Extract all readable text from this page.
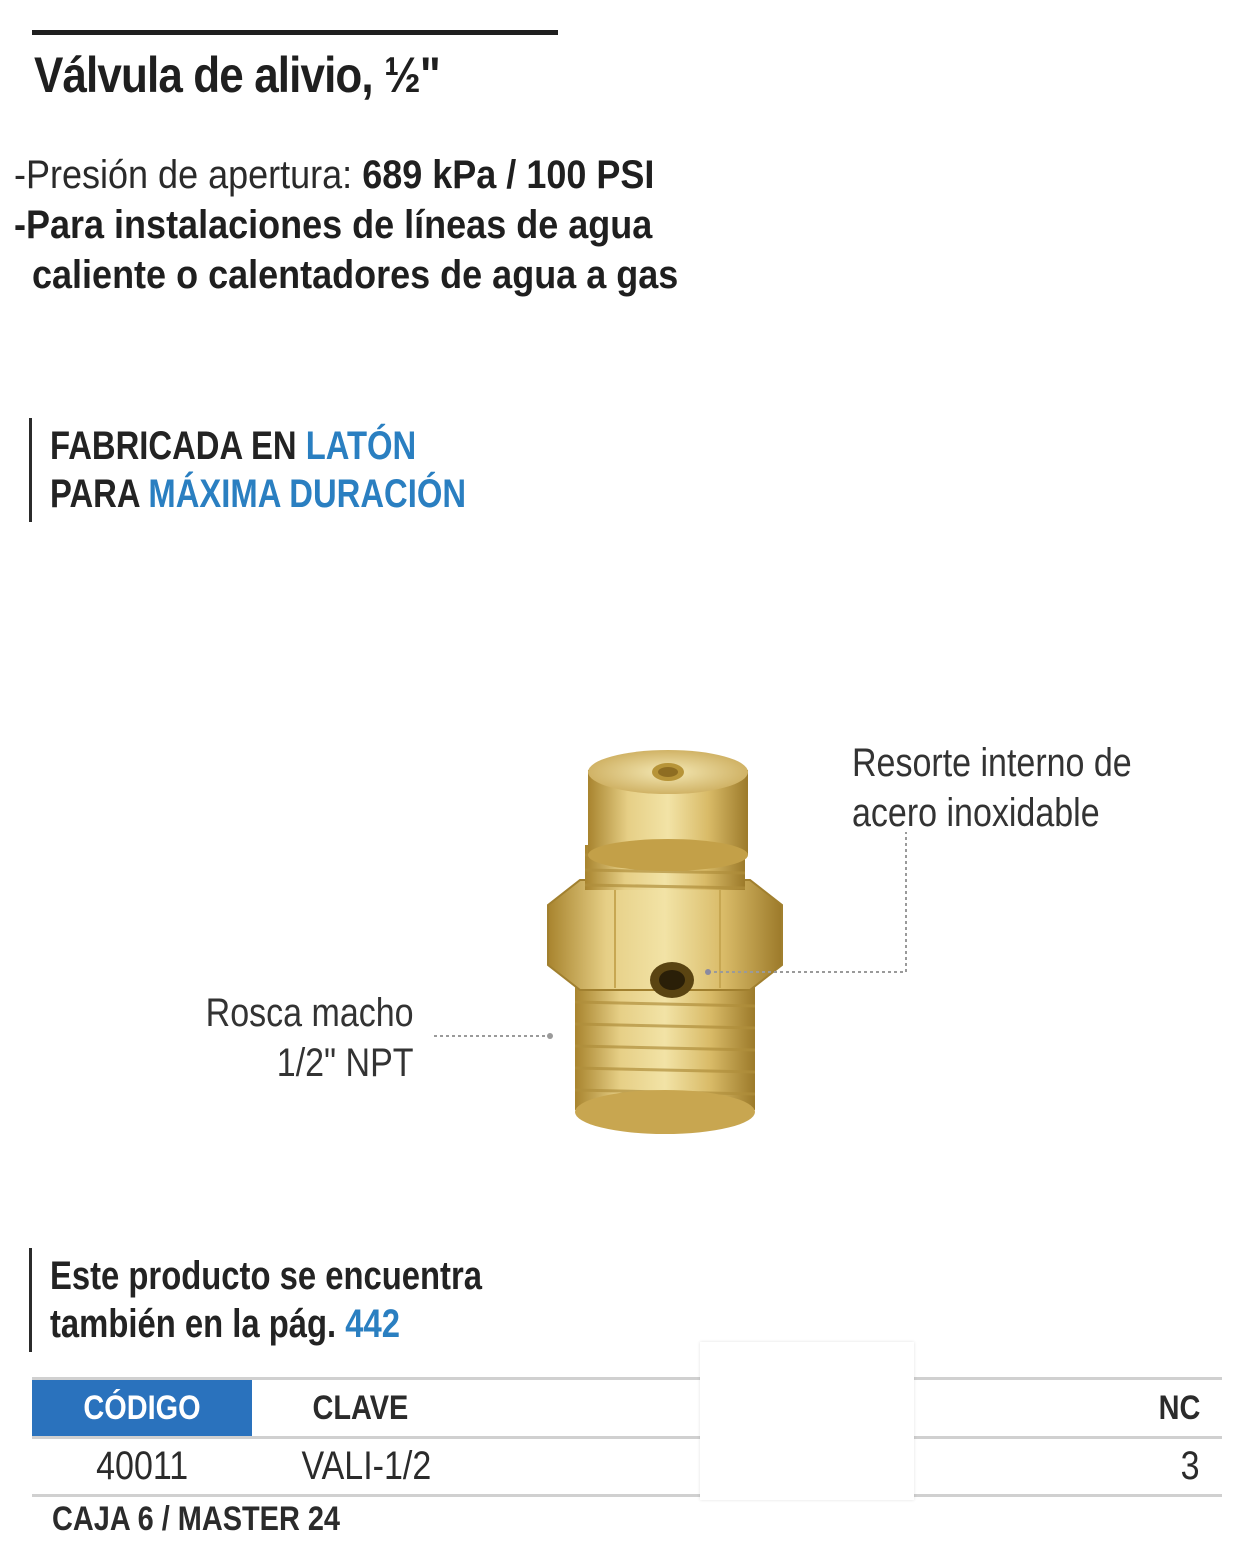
Válvula de alivio, ½"
-Presión de apertura: 689 kPa / 100 PSI
-Para instalaciones de líneas de agua
caliente o calentadores de agua a gas
FABRICADA EN LATÓN
PARA MÁXIMA DURACIÓN
Resorte interno de
acero inoxidable
Rosca macho
1/2" NPT
Este producto se encuentra
también en la pág. 442
CÓDIGO	CLAVE	NC
40011	VALI-1/2	3
CAJA 6 / MASTER 24
